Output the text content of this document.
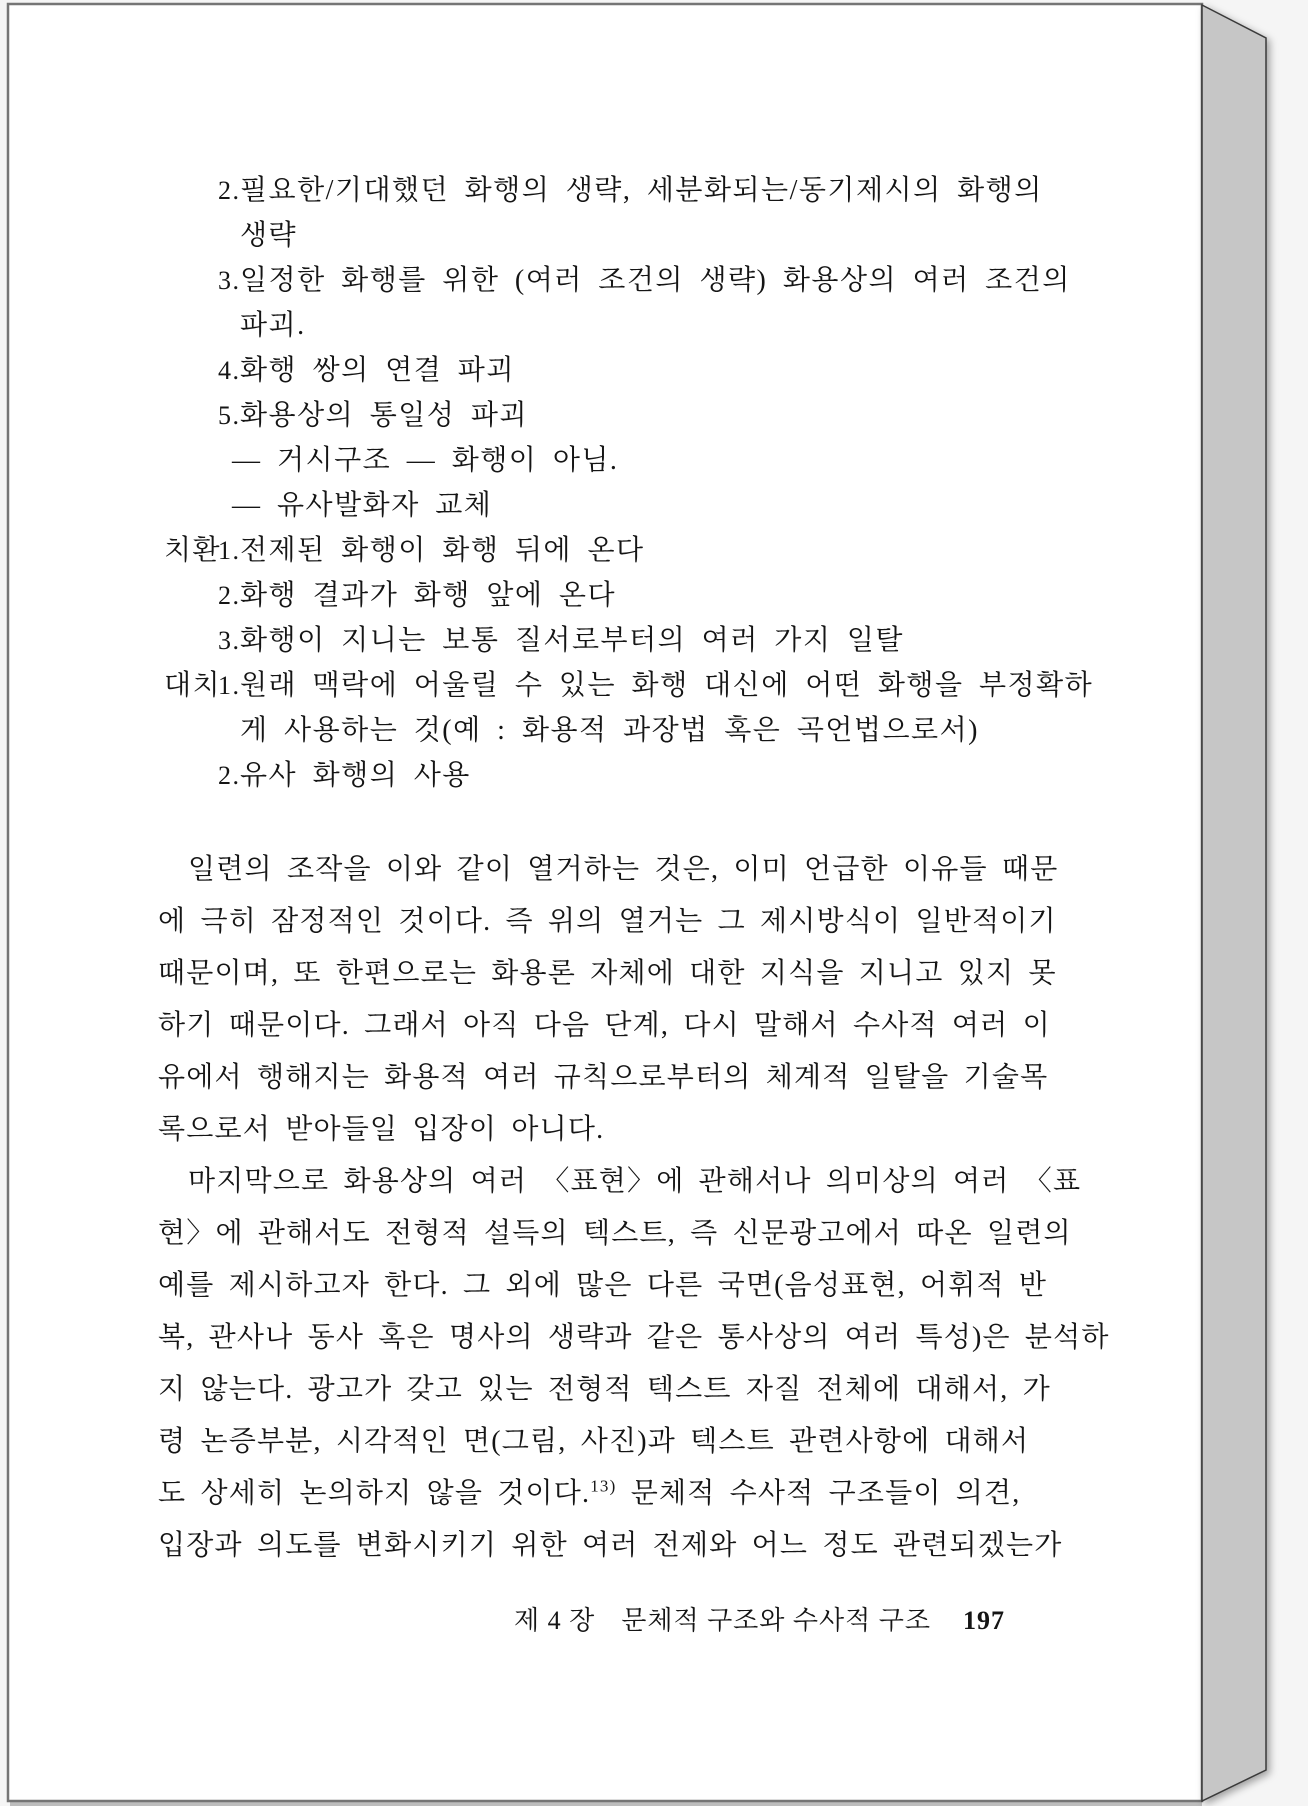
2. 필요한/기대했던 화행의 생략, 세분화되는/동기제시의 화행의
생략
3. 일정한 화행를 위한 (여러 조건의 생략) 화용상의 여러 조건의
파괴.
4. 화행 쌍의 연결 파괴
5. 화용상의 통일성 파괴
— 거시구조 — 화행이 아님.
— 유사발화자 교체
치환
1. 전제된 화행이 화행 뒤에 온다
2. 화행 결과가 화행 앞에 온다
3. 화행이 지니는 보통 질서로부터의 여러 가지 일탈
대치
1. 원래 맥락에 어울릴 수 있는 화행 대신에 어떤 화행을 부정확하
게 사용하는 것(예 : 화용적 과장법 혹은 곡언법으로서)
2. 유사 화행의 사용
일련의 조작을 이와 같이 열거하는 것은, 이미 언급한 이유들 때문
에 극히 잠정적인 것이다. 즉 위의 열거는 그 제시방식이 일반적이기
때문이며, 또 한편으로는 화용론 자체에 대한 지식을 지니고 있지 못
하기 때문이다. 그래서 아직 다음 단계, 다시 말해서 수사적 여러 이
유에서 행해지는 화용적 여러 규칙으로부터의 체계적 일탈을 기술목
록으로서 받아들일 입장이 아니다.
마지막으로 화용상의 여러 〈표현〉에 관해서나 의미상의 여러 〈표
현〉에 관해서도 전형적 설득의 텍스트, 즉 신문광고에서 따온 일련의
예를 제시하고자 한다. 그 외에 많은 다른 국면(음성표현, 어휘적 반
복, 관사나 동사 혹은 명사의 생략과 같은 통사상의 여러 특성)은 분석하
지 않는다. 광고가 갖고 있는 전형적 텍스트 자질 전체에 대해서, 가
령 논증부분, 시각적인 면(그림, 사진)과 텍스트 관련사항에 대해서
도 상세히 논의하지 않을 것이다.$^{13)}$ 문체적 수사적 구조들이 의견,
입장과 의도를 변화시키기 위한 여러 전제와 어느 정도 관련되겠는가
제 4 장 문체적 구조와 수사적 구조 197
